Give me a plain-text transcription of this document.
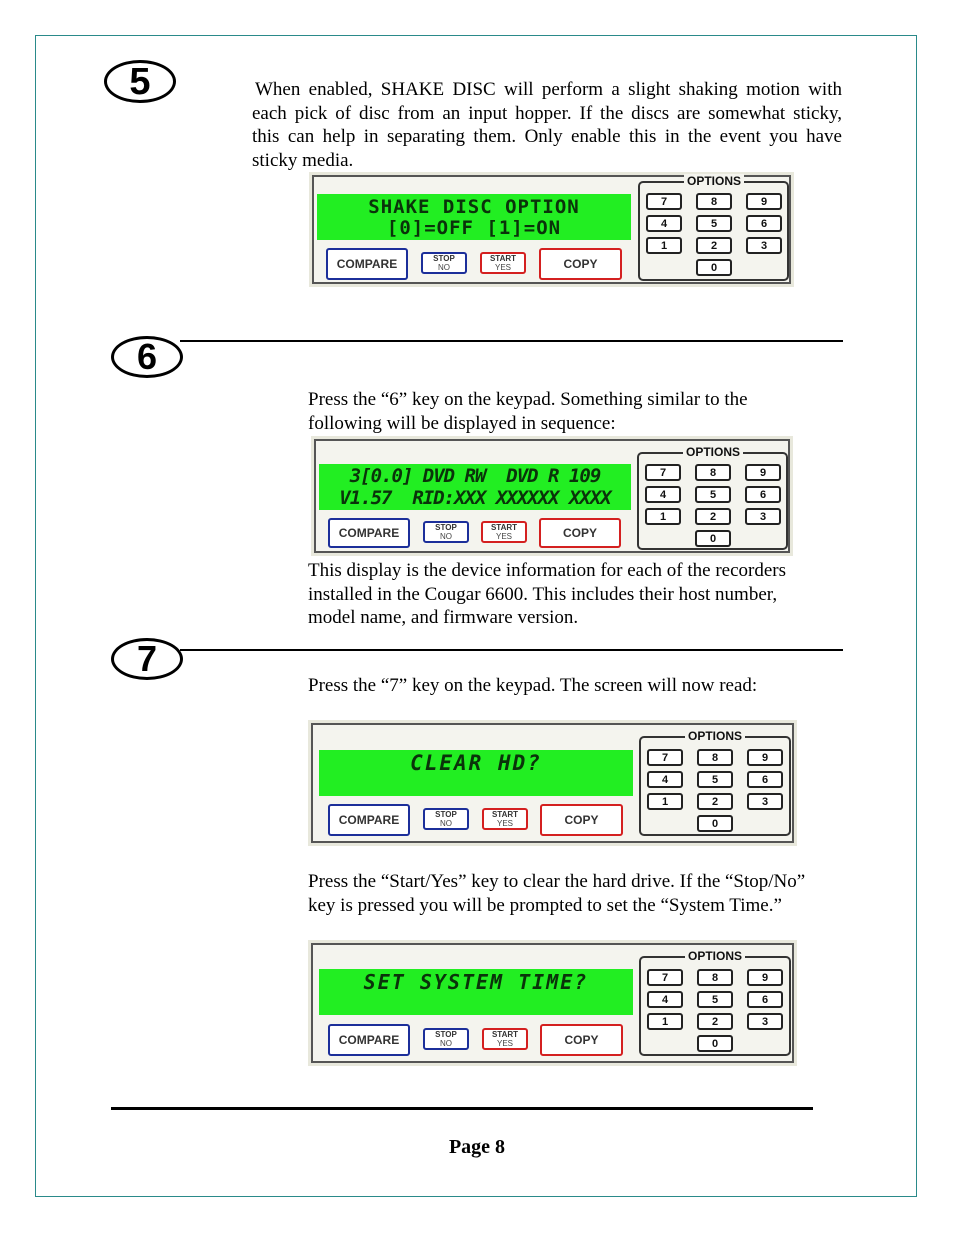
5	When enabled, SHAKE DISC will perform a slight shaking motion with
each pick of disc from an input hopper. If the discs are somewhat sticky,
this can help in separating them. Only enable this in the event you have
sticky media.
SHAKE DISC OPTION
[0]=OFF [1]=ON
COMPARE	STOP
NO
START
YES	COPY
OPTIONS
7	8	9
4	5	6
1	2	3
0
6
Press the “6” key on the keypad. Something similar to the
following will be displayed in sequence:
3[0.0] DVD RW  DVD R 109
V1.57  RID:XXX XXXXXX XXXX
COMPARE	STOP
NO
START
YES	COPY
OPTIONS
7	8	9
4	5	6
1	2	3
0
This display is the device information for each of the recorders
installed in the Cougar 6600. This includes their host number,
model name, and firmware version.
7
Press the “7” key on the keypad. The screen will now read:
CLEAR HD?
COMPARE	STOP
NO
START
YES	COPY
OPTIONS
7	8	9
4	5	6
1	2	3
0
Press the “Start/Yes” key to clear the hard drive. If the “Stop/No”
key is pressed you will be prompted to set the “System Time.”
SET SYSTEM TIME?
COMPARE	STOP
NO
START
YES	COPY
OPTIONS
7	8	9
4	5	6
1	2	3
0
Page 8
